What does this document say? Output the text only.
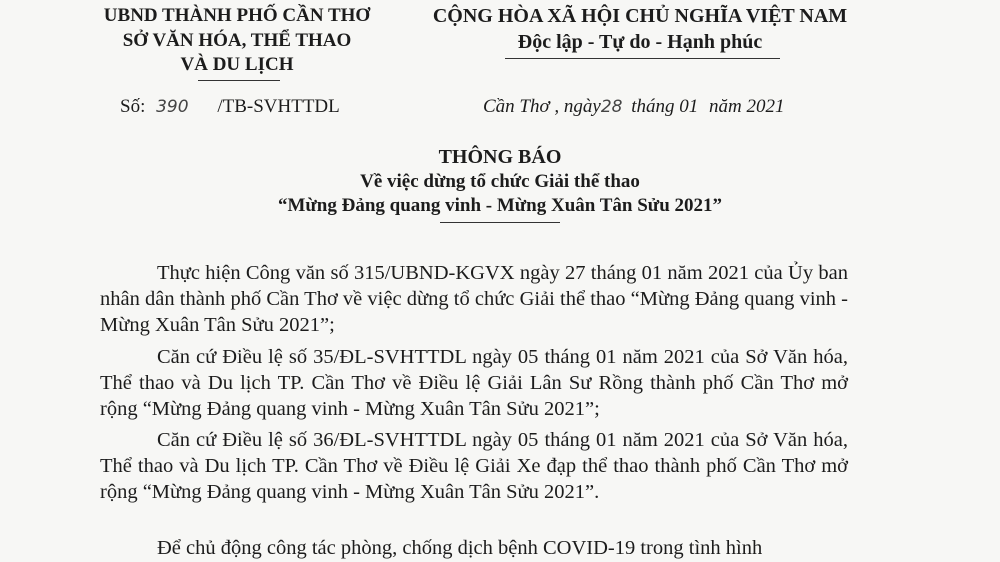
UBND THÀNH PHỐ CẦN THƠ
SỞ VĂN HÓA, THỂ THAO
VÀ DU LỊCH
CỘNG HÒA XÃ HỘI CHỦ NGHĨA VIỆT NAM
Độc lập - Tự do - Hạnh phúc
Số: 390 /TB-SVHTTDL	Cần Thơ , ngày28 tháng 01 năm 2021
THÔNG BÁO
Về việc dừng tổ chức Giải thể thao
“Mừng Đảng quang vinh - Mừng Xuân Tân Sửu 2021”
Thực hiện Công văn số 315/UBND-KGVX ngày 27 tháng 01 năm 2021 của Ủy ban nhân dân thành phố Cần Thơ về việc dừng tổ chức Giải thể thao “Mừng Đảng quang vinh - Mừng Xuân Tân Sửu 2021”;
Căn cứ Điều lệ số 35/ĐL-SVHTTDL ngày 05 tháng 01 năm 2021 của Sở Văn hóa, Thể thao và Du lịch TP. Cần Thơ về Điều lệ Giải Lân Sư Rồng thành phố Cần Thơ mở rộng “Mừng Đảng quang vinh - Mừng Xuân Tân Sửu 2021”;
Căn cứ Điều lệ số 36/ĐL-SVHTTDL ngày 05 tháng 01 năm 2021 của Sở Văn hóa, Thể thao và Du lịch TP. Cần Thơ về Điều lệ Giải Xe đạp thể thao thành phố Cần Thơ mở rộng “Mừng Đảng quang vinh - Mừng Xuân Tân Sửu 2021”.
Để chủ động công tác phòng, chống dịch bệnh COVID-19 trong tình hình
